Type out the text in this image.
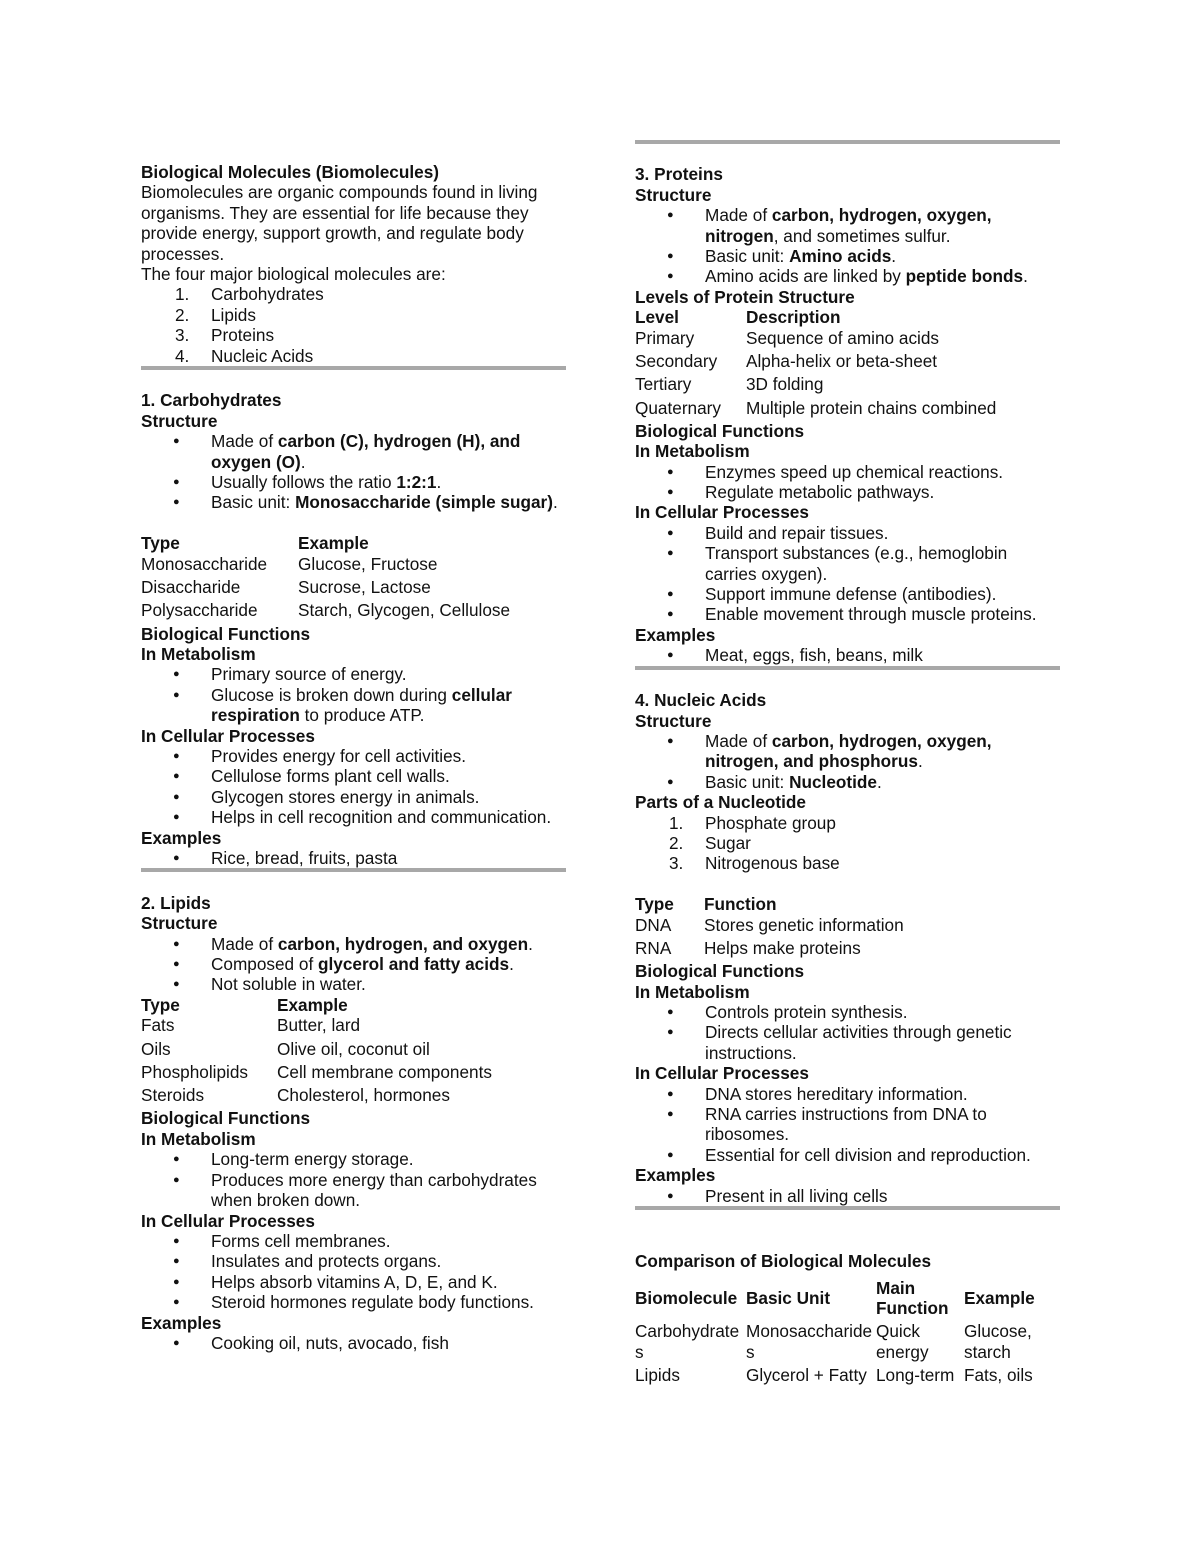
Biological Molecules (Biomolecules)

Biomolecules are organic compounds found in living

organisms. They are essential for life because they

provide energy, support growth, and regulate body

processes.

The four major biological molecules are:

1. Carbohydrates
2. Lipids
3. Proteins
4. Nucleic Acids

1. Carbohydrates

Structure

● Made of carbon (C), hydrogen (H), and oxygen (O).
● Usually follows the ratio 1:2:1.
● Basic unit: Monosaccharide (simple sugar).
Type	Example
Monosaccharide	Glucose, Fructose
Disaccharide	Sucrose, Lactose
Polysaccharide	Starch, Glycogen, Cellulose

Biological Functions

In Metabolism

● Primary source of energy.
● Glucose is broken down during cellular respiration to produce ATP.

In Cellular Processes

● Provides energy for cell activities.
● Cellulose forms plant cell walls.
● Glycogen stores energy in animals.
● Helps in cell recognition and communication.

Examples

● Rice, bread, fruits, pasta

2. Lipids

Structure

● Made of carbon, hydrogen, and oxygen.
● Composed of glycerol and fatty acids.
● Not soluble in water.
Type	Example
Fats	Butter, lard
Oils	Olive oil, coconut oil
Phospholipids	Cell membrane components
Steroids	Cholesterol, hormones

Biological Functions

In Metabolism

● Long-term energy storage.
● Produces more energy than carbohydrates when broken down.

In Cellular Processes

● Forms cell membranes.
● Insulates and protects organs.
● Helps absorb vitamins A, D, E, and K.
● Steroid hormones regulate body functions.

Examples

● Cooking oil, nuts, avocado, fish

3. Proteins

Structure

● Made of carbon, hydrogen, oxygen, nitrogen, and sometimes sulfur.
● Basic unit: Amino acids.
● Amino acids are linked by peptide bonds.

Levels of Protein Structure

Level	Description
Primary	Sequence of amino acids
Secondary	Alpha-helix or beta-sheet
Tertiary	3D folding
Quaternary	Multiple protein chains combined

Biological Functions

In Metabolism

● Enzymes speed up chemical reactions.
● Regulate metabolic pathways.

In Cellular Processes

● Build and repair tissues.
● Transport substances (e.g., hemoglobin carries oxygen).
● Support immune defense (antibodies).
● Enable movement through muscle proteins.

Examples

● Meat, eggs, fish, beans, milk

4. Nucleic Acids

Structure

● Made of carbon, hydrogen, oxygen, nitrogen, and phosphorus.
● Basic unit: Nucleotide.

Parts of a Nucleotide

1. Phosphate group
2. Sugar
3. Nitrogenous base
Type	Function
DNA	Stores genetic information
RNA	Helps make proteins

Biological Functions

In Metabolism

● Controls protein synthesis.
● Directs cellular activities through genetic instructions.

In Cellular Processes

● DNA stores hereditary information.
● RNA carries instructions from DNA to ribosomes.
● Essential for cell division and reproduction.

Examples

● Present in all living cells

Comparison of Biological Molecules

Biomolecule	Basic Unit	Main Function	Example
Carbohydrates	Monosaccharides	Quick energy	Glucose, starch
Lipids	Glycerol + Fatty	Long-term	Fats, oils
